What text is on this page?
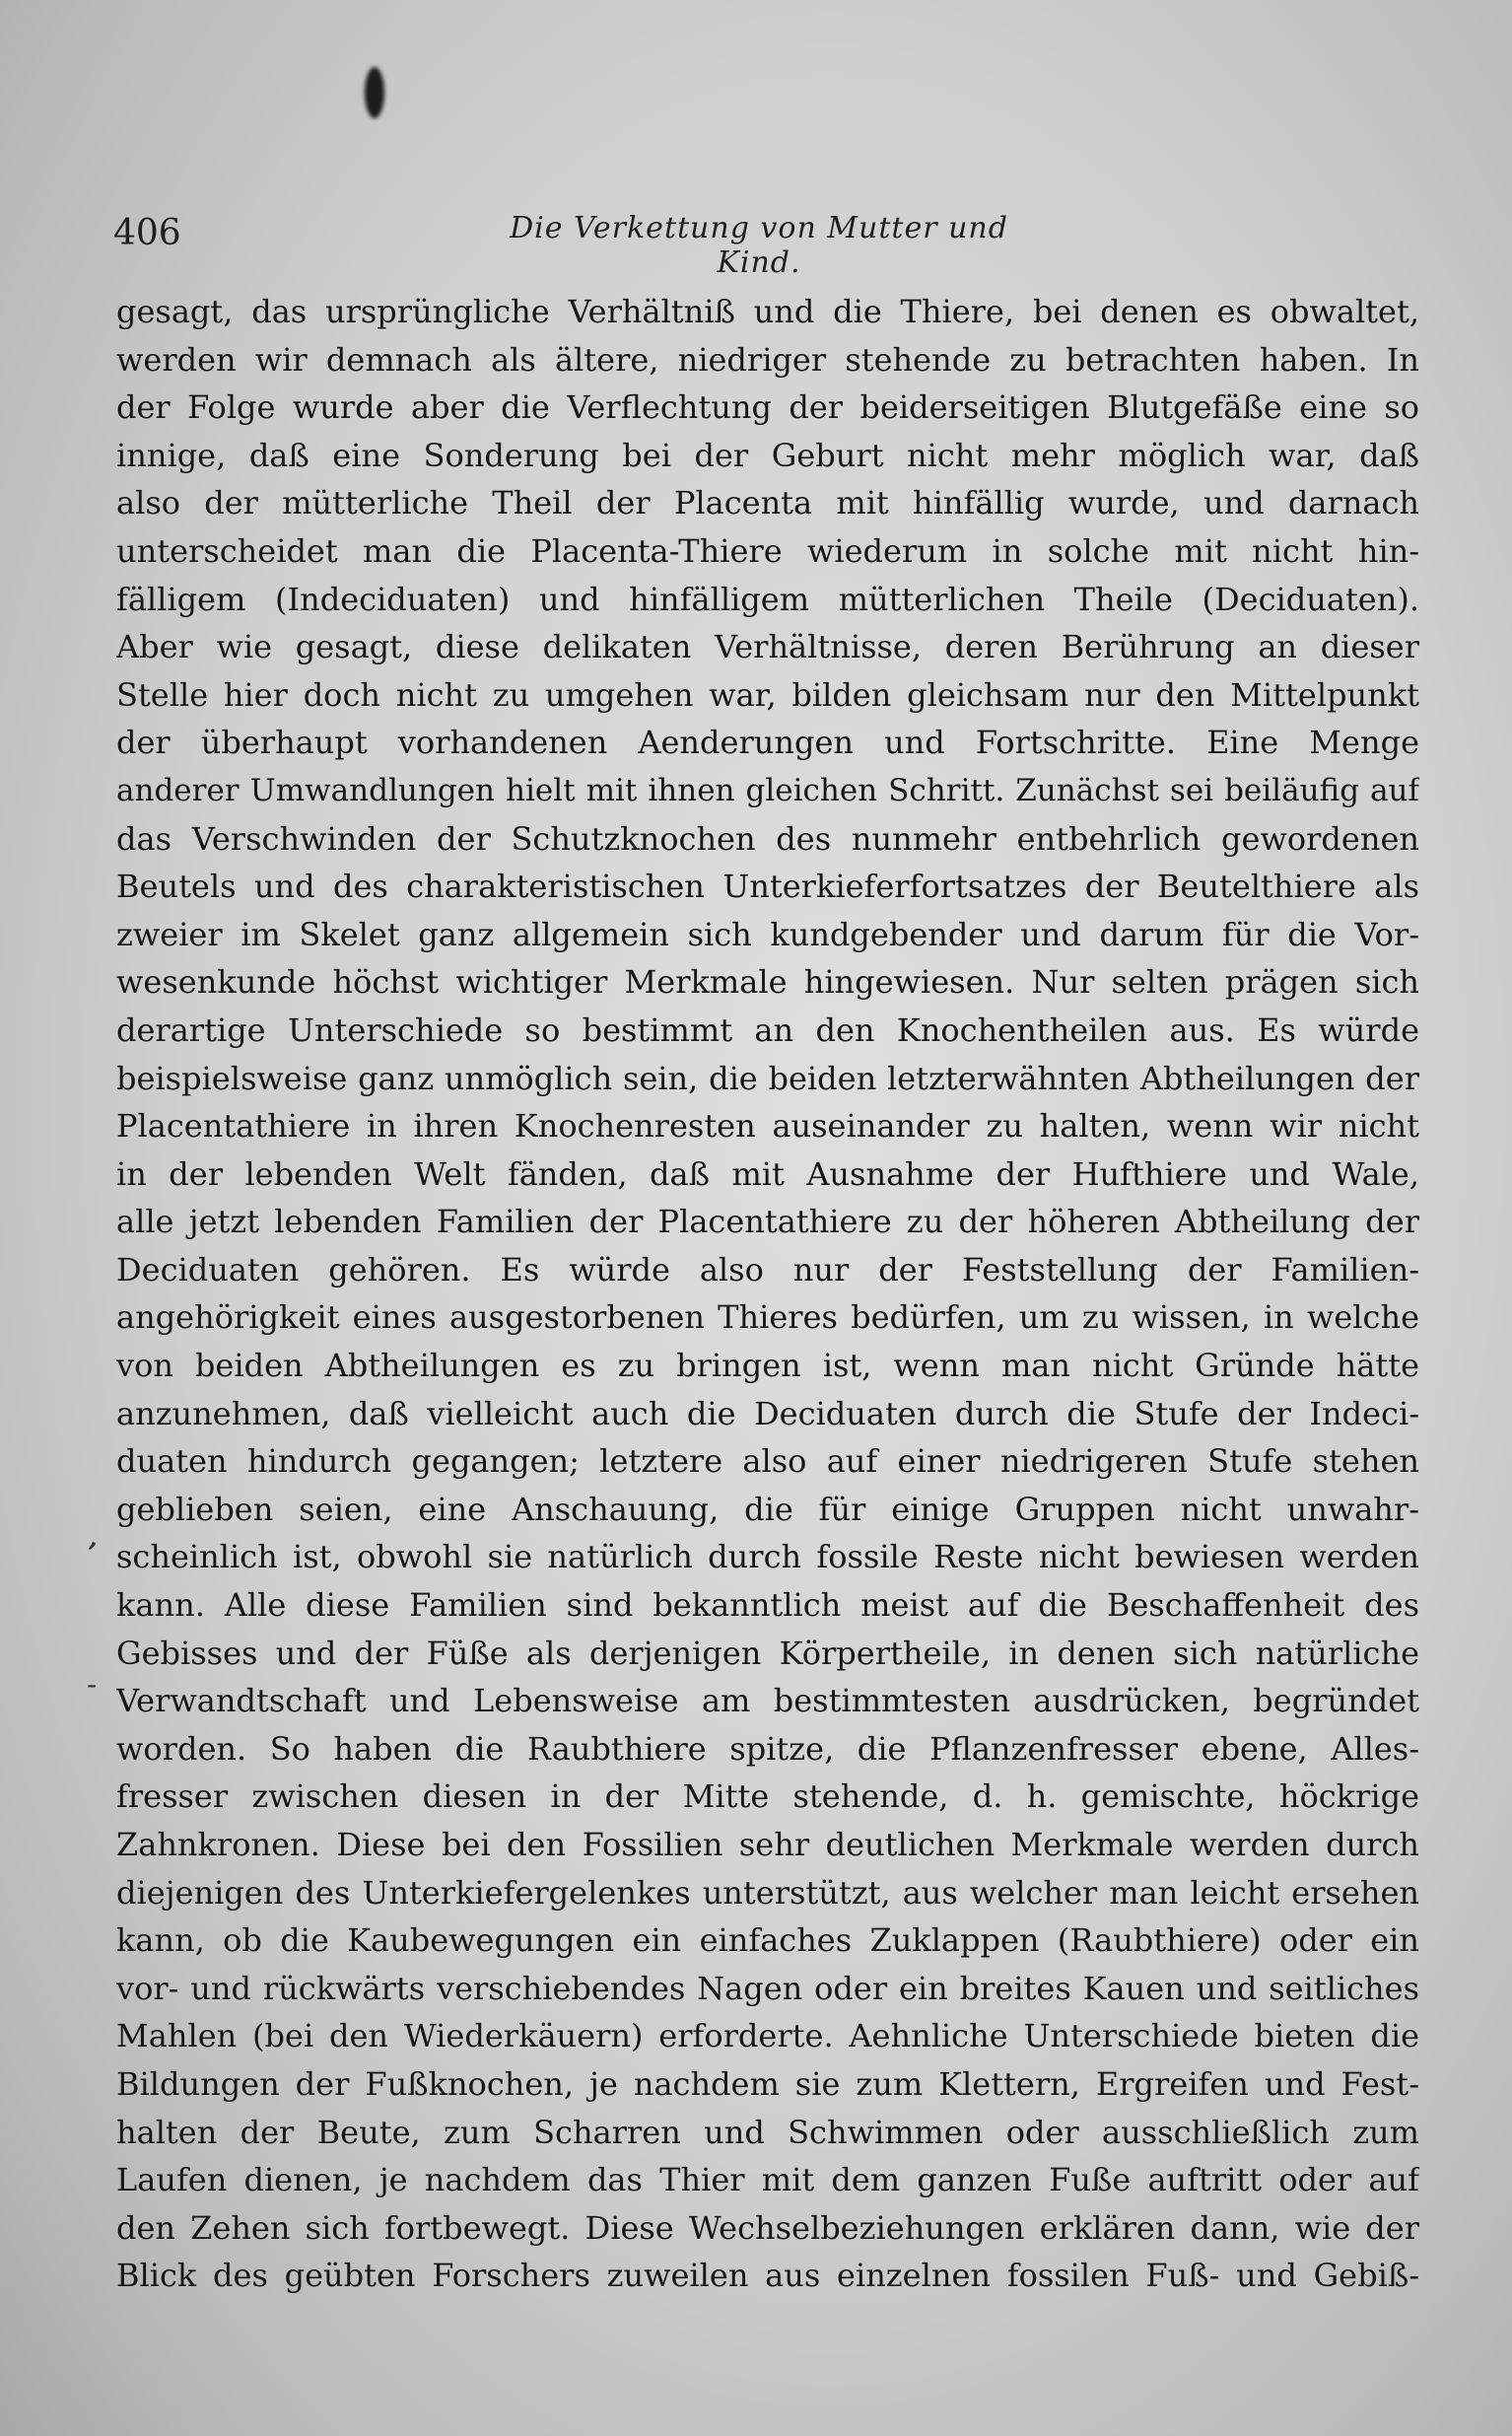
406	Die Verkettung von Mutter und Kind.
,
-
gesagt, das ursprüngliche Verhältniß und die Thiere, bei denen es obwaltet,
werden wir demnach als ältere, niedriger stehende zu betrachten haben. In
der Folge wurde aber die Verflechtung der beiderseitigen Blutgefäße eine so
innige, daß eine Sonderung bei der Geburt nicht mehr möglich war, daß
also der mütterliche Theil der Placenta mit hinfällig wurde, und darnach
unterscheidet man die Placenta-Thiere wiederum in solche mit nicht hin-
fälligem (Indeciduaten) und hinfälligem mütterlichen Theile (Deciduaten).
Aber wie gesagt, diese delikaten Verhältnisse, deren Berührung an dieser
Stelle hier doch nicht zu umgehen war, bilden gleichsam nur den Mittelpunkt
der überhaupt vorhandenen Aenderungen und Fortschritte. Eine Menge
anderer Umwandlungen hielt mit ihnen gleichen Schritt. Zunächst sei beiläufig auf
das Verschwinden der Schutzknochen des nunmehr entbehrlich gewordenen
Beutels und des charakteristischen Unterkieferfortsatzes der Beutelthiere als
zweier im Skelet ganz allgemein sich kundgebender und darum für die Vor-
wesenkunde höchst wichtiger Merkmale hingewiesen. Nur selten prägen sich
derartige Unterschiede so bestimmt an den Knochentheilen aus. Es würde
beispielsweise ganz unmöglich sein, die beiden letzterwähnten Abtheilungen der
Placentathiere in ihren Knochenresten auseinander zu halten, wenn wir nicht
in der lebenden Welt fänden, daß mit Ausnahme der Hufthiere und Wale,
alle jetzt lebenden Familien der Placentathiere zu der höheren Abtheilung der
Deciduaten gehören. Es würde also nur der Feststellung der Familien-
angehörigkeit eines ausgestorbenen Thieres bedürfen, um zu wissen, in welche
von beiden Abtheilungen es zu bringen ist, wenn man nicht Gründe hätte
anzunehmen, daß vielleicht auch die Deciduaten durch die Stufe der Indeci-
duaten hindurch gegangen; letztere also auf einer niedrigeren Stufe stehen
geblieben seien, eine Anschauung, die für einige Gruppen nicht unwahr-
scheinlich ist, obwohl sie natürlich durch fossile Reste nicht bewiesen werden
kann. Alle diese Familien sind bekanntlich meist auf die Beschaffenheit des
Gebisses und der Füße als derjenigen Körpertheile, in denen sich natürliche
Verwandtschaft und Lebensweise am bestimmtesten ausdrücken, begründet
worden. So haben die Raubthiere spitze, die Pflanzenfresser ebene, Alles-
fresser zwischen diesen in der Mitte stehende, d. h. gemischte, höckrige
Zahnkronen. Diese bei den Fossilien sehr deutlichen Merkmale werden durch
diejenigen des Unterkiefergelenkes unterstützt, aus welcher man leicht ersehen
kann, ob die Kaubewegungen ein einfaches Zuklappen (Raubthiere) oder ein
vor- und rückwärts verschiebendes Nagen oder ein breites Kauen und seitliches
Mahlen (bei den Wiederkäuern) erforderte. Aehnliche Unterschiede bieten die
Bildungen der Fußknochen, je nachdem sie zum Klettern, Ergreifen und Fest-
halten der Beute, zum Scharren und Schwimmen oder ausschließlich zum
Laufen dienen, je nachdem das Thier mit dem ganzen Fuße auftritt oder auf
den Zehen sich fortbewegt. Diese Wechselbeziehungen erklären dann, wie der
Blick des geübten Forschers zuweilen aus einzelnen fossilen Fuß- und Gebiß-
